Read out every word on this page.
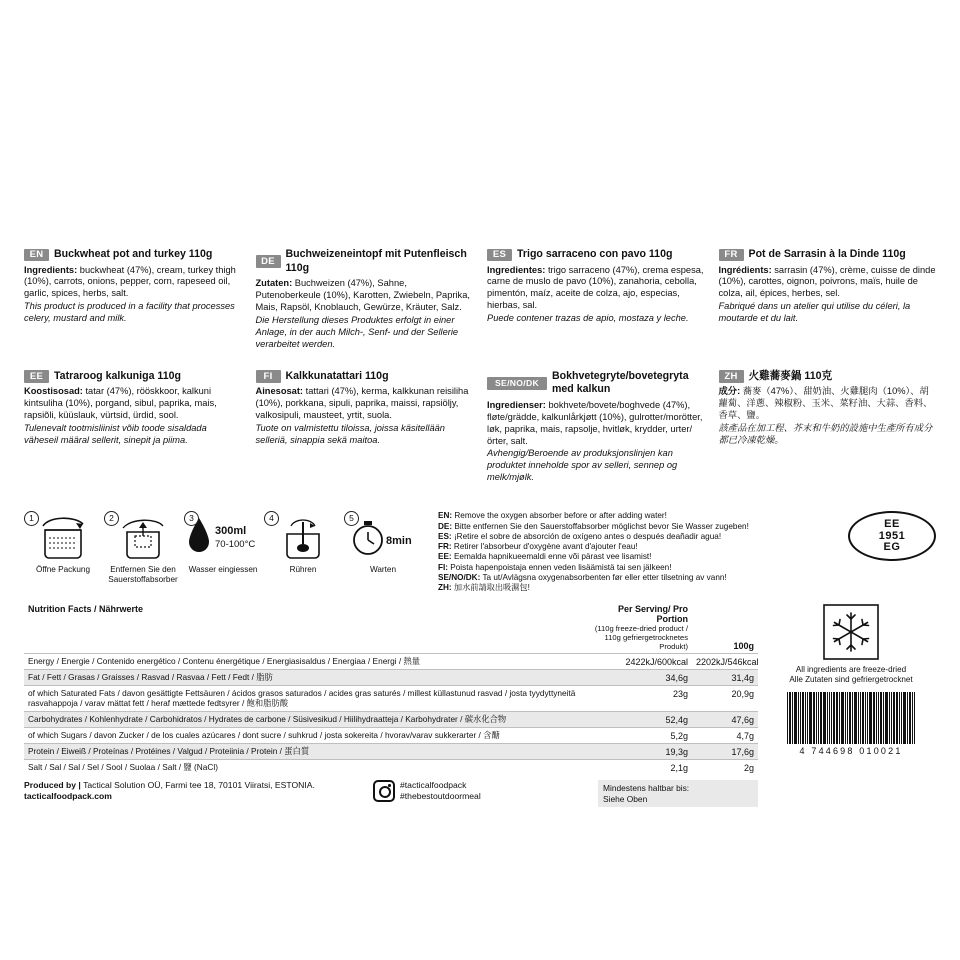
EN Buckwheat pot and turkey 110g

Ingredients: buckwheat (47%), cream, turkey thigh (10%), carrots, onions, pepper, corn, rapeseed oil, garlic, spices, herbs, salt.

This product is produced in a facility that processes celery, mustard and milk.

DE
Buchweizeneintopf mit Putenfleisch 110g

Zutaten: Buchweizen (47%), Sahne, Putenoberkeule (10%), Karotten, Zwiebeln, Paprika, Mais, Rapsöl, Knoblauch, Gewürze, Kräuter, Salz.

Die Herstellung dieses Produktes erfolgt in einer Anlage, in der auch Milch-, Senf- und der Sellerie verarbeitet werden.

ES	Trigo sarraceno con pavo 110g

Ingredientes: trigo sarraceno (47%), crema espesa, carne de muslo de pavo (10%), zanahoria, cebolla, pimentón, maíz, aceite de colza, ajo, especias, hierbas, sal.

Puede contener trazas de apio, mostaza y leche.

FR	Pot de Sarrasin à la Dinde 110g

Ingrédients: sarrasin (47%), crème, cuisse de dinde (10%), carottes, oignon, poivrons, maïs, huile de colza, ail, épices, herbes, sel.

Fabriqué dans un atelier qui utilise du céleri, la moutarde et du lait.

EE	Tatraroog kalkuniga 110g

Koostisosad: tatar (47%), rööskkoor, kalkuni kintsuliha (10%), porgand, sibul, paprika, mais, rapsiõli, küüslauk, vürtsid, ürdid, sool.

Tulenevalt tootmisliinist võib toode sisaldada väheseil määral sellerit, sinepit ja piima.

FI	Kalkkunatattari 110g

Ainesosat: tattari (47%), kerma, kalkkunan reisiliha (10%), porkkana, sipuli, paprika, maissi, rapsiöljy, valkosipuli, mausteet, yrtit, suola.

Tuote on valmistettu tiloissa, joissa käsitellään selleriä, sinappia sekä maitoa.

SE/NO/DK
Bokhvetegryte/bovetegryta med kalkun

Ingredienser: bokhvete/bovete/boghvede (47%), fløte/grädde, kalkunlårkjøtt (10%), gulrotter/morötter, løk, paprika, mais, rapsolje, hvitløk, krydder, urter/örter, salt.

Avhengig/Beroende av produksjonslinjen kan produktet inneholde spor av selleri, sennep og melk/mjølk.

ZH	火雞蕎麥鍋 110克

成分: 蕎麥（47%）、甜奶油、火雞腿肉（10%）、胡蘿蔔、洋蔥、辣椒粉、玉米、菜籽油、大蒜、香料、香草、鹽。

該產品在加工程、芥末和牛奶的設施中生產所有成分都已冷凍乾燥。

1
Öffne Packung
2
Entfernen Sie den Sauerstoffabsorber
3
300ml
70-100°C
Wasser eingiessen
4
Rühren
5
8min
Warten
EN: Remove the oxygen absorber before or after adding water!
DE: Bitte entfernen Sie den Sauerstoffabsorber möglichst bevor Sie Wasser zugeben!
ES: ¡Retire el sobre de absorción de oxígeno antes o después deañadir agua!
FR: Retirer l'absorbeur d'oxygène avant d'ajouter l'eau!
EE: Eemalda hapnikueemaldi enne või pärast vee lisamist!
FI: Poista hapenpoistaja ennen veden lisäämistä tai sen jälkeen!
SE/NO/DK: Ta ut/Avlägsna oxygenabsorbenten før eller etter tilsetning av vann!
ZH: 加水前請取出吸濕包!
EE
1951
EG
Nutrition Facts / Nährwerte	Per Serving/ Pro Portion
(110g freeze-dried product / 110g gefriergetrocknetes Produkt)	100g
Energy / Energie / Contenido energético / Contenu énergétique / Energiasisaldus / Energiaa / Energi / 熱量	2422kJ/600kcal	2202kJ/546kcal
Fat / Fett / Grasas / Graisses / Rasvad / Rasvaa / Fett / Fedt / 脂肪	34,6g	31,4g
of which Saturated Fats / davon gesättigte Fettsäuren / ácidos grasos saturados / acides gras saturés / millest küllastunud rasvad / josta tyydyttyneitä rasvahappoja / varav mättat fett / heraf mættede fedtsyrer / 飽和脂肪酸	23g	20,9g
Carbohydrates / Kohlenhydrate / Carbohidratos / Hydrates de carbone / Süsivesikud / Hiilihydraatteja / Karbohydrater / 碳水化合物	52,4g	47,6g
of which Sugars / davon Zucker / de los cuales azúcares / dont sucre / suhkrud / josta sokereita / hvorav/varav sukkerarter / 含醣	5,2g	4,7g
Protein / Eiweiß / Proteínas / Protéines / Valgud / Proteiinia / Protein / 蛋白質	19,3g	17,6g
Salt / Sal / Sal / Sel / Sool / Suolaa / Salt / 鹽 (NaCl)	2,1g	2g
Produced by | Tactical Solution OÜ, Farmi tee 18, 70101 Viiratsi, ESTONIA.
tacticalfoodpack.com
#tacticalfoodpack
#thebestoutdoormeal
Mindestens haltbar bis:
Siehe Oben
All ingredients are freeze-dried
Alle Zutaten sind gefriergetrocknet
4 744698 010021
